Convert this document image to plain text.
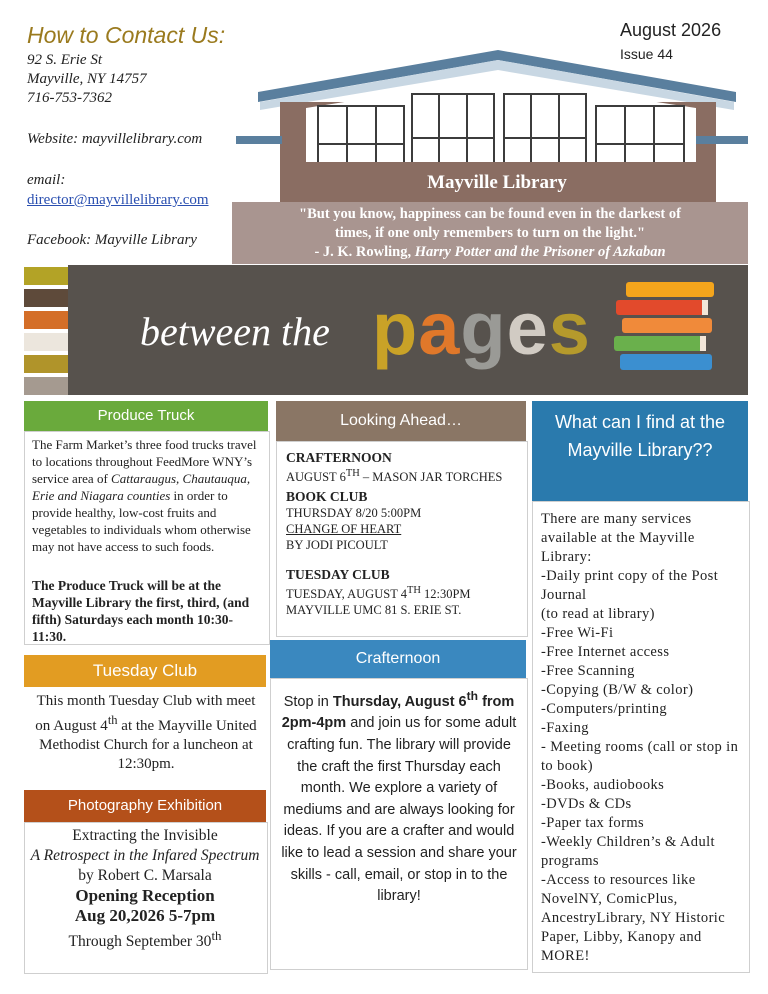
How to Contact Us:
92 S. Erie St
Mayville, NY 14757
716-753-7362
Website: mayvillelibrary.com
email:
director@mayvillelibrary.com
Facebook: Mayville Library
August 2026
Issue 44
Mayville Library
"But you know, happiness can be found even in the darkest of
times, if one only remembers to turn on the light."
- J. K. Rowling, Harry Potter and the Prisoner of Azkaban
between the pages
Produce Truck
The Farm Market’s three food trucks travel to locations throughout FeedMore WNY’s service area of Cattaraugus, Chautauqua, Erie and Niagara counties in order to provide healthy, low-cost fruits and vegetables to individuals whom otherwise may not have access to such foods.
The Produce Truck will be at the Mayville Library the first, third, (and fifth) Saturdays each month 10:30-11:30.
Tuesday Club
This month Tuesday Club with meet on August 4th at the Mayville United Methodist Church for a luncheon at 12:30pm.
Photography Exhibition
Extracting the Invisible
A Retrospect in the Infared Spectrum
by Robert C. Marsala
Opening Reception
Aug 20,2026 5-7pm
Through September 30th
Looking Ahead…
CRAFTERNOON
AUGUST 6TH – MASON JAR TORCHES
BOOK CLUB
THURSDAY 8/20 5:00PM
CHANGE OF HEART
BY JODI PICOULT
TUESDAY CLUB
TUESDAY, AUGUST 4TH 12:30PM
MAYVILLE UMC 81 S. ERIE ST.
Crafternoon
Stop in Thursday, August 6th from 2pm-4pm and join us for some adult crafting fun. The library will provide the craft the first Thursday each month. We explore a variety of mediums and are always looking for ideas. If you are a crafter and would like to lead a session and share your skills - call, email, or stop in to the library!
What can I find at the Mayville Library??
There are many services available at the Mayville Library:
-Daily print copy of the Post Journal
(to read at library)
-Free Wi-Fi
-Free Internet access
-Free Scanning
-Copying (B/W & color)
-Computers/printing
-Faxing
- Meeting rooms (call or stop in to book)
-Books, audiobooks
-DVDs & CDs
-Paper tax forms
-Weekly Children’s & Adult programs
-Access to resources like NovelNY, ComicPlus, AncestryLibrary, NY Historic Paper, Libby, Kanopy and MORE!
